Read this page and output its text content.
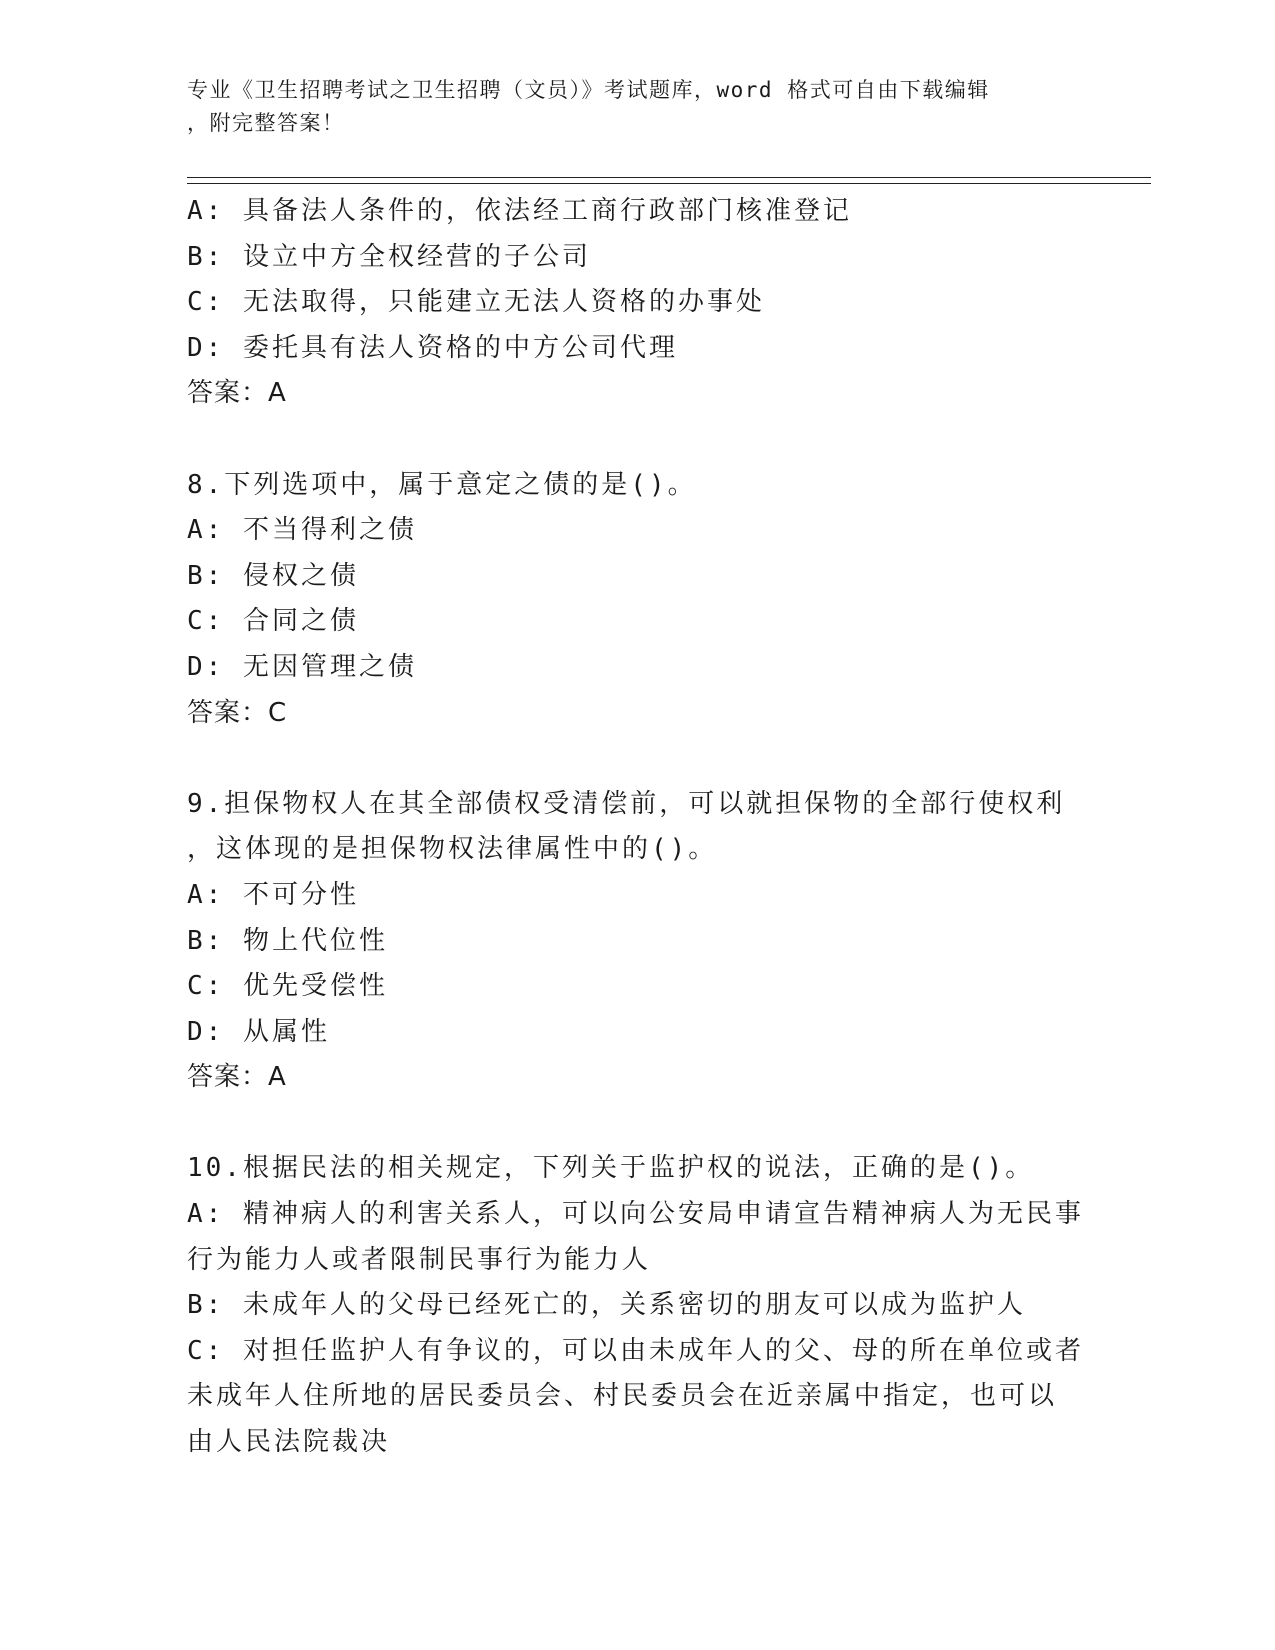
专业《卫生招聘考试之卫生招聘（文员）》考试题库，word 格式可自由下载编辑
，附完整答案！
A: 具备法人条件的，依法经工商行政部门核准登记
B: 设立中方全权经营的子公司
C: 无法取得，只能建立无法人资格的办事处
D: 委托具有法人资格的中方公司代理
答案：A
8.下列选项中，属于意定之债的是()。
A: 不当得利之债
B: 侵权之债
C: 合同之债
D: 无因管理之债
答案：C
9.担保物权人在其全部债权受清偿前，可以就担保物的全部行使权利
，这体现的是担保物权法律属性中的()。
A: 不可分性
B: 物上代位性
C: 优先受偿性
D: 从属性
答案：A
10.根据民法的相关规定，下列关于监护权的说法，正确的是()。
A: 精神病人的利害关系人，可以向公安局申请宣告精神病人为无民事
行为能力人或者限制民事行为能力人
B: 未成年人的父母已经死亡的，关系密切的朋友可以成为监护人
C: 对担任监护人有争议的，可以由未成年人的父、母的所在单位或者
未成年人住所地的居民委员会、村民委员会在近亲属中指定，也可以
由人民法院裁决
